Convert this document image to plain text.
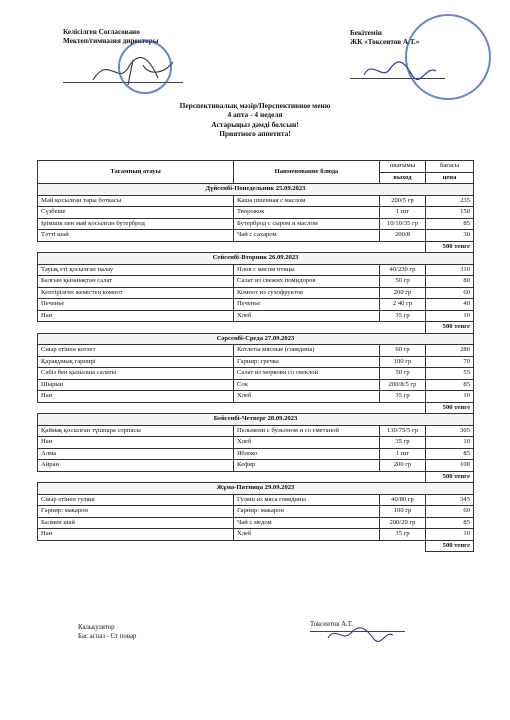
Келісілген Согласовано
Мектеп/гимназия директоры
Бекітемін
ЖК «Токсеитов А.Т.»
Перспективалық мәзір/Перспективное меню
4 апта - 4 неделя
Астарыңыз дәмді болсын!
Приятного аппетита!
Тағамның атауы	Наименование блюда	шығымы	бағасы
		выход	цена
Дүйсенбі-Понедельник 25.09.2023			
Май қосылған тары боткасы	Каша пшенная с маслом	200/5 гр	235
Сүзбеше	Творожок	1 шт	150
Ірімшік пен май қосылған бутерброд	Бутерброд с сыром и маслом	10/10/35 гр	85
Тәтті шай	Чай с сахаром	200/8	30
			500 тенге
Сейсенбі-Вторник 26.09.2023			
Тауық еті қосылған палау	Плов с мясом птицы	40/230 гр	310
Балғын қызанақтан салат	Салат из свежих помидоров	50 гр	80
Кептірілген жемістен компот	Компот из сухофруктов	200 гр	60
Печенье	Печенье	2 40 гр	40
Нан	Хлеб	35 гр	10
			500 тенге
Сәрсенбі-Среда 27.09.2023			
Сиыр етінен котлет	Котлеты мясные (говядина)	60 гр	280
Қарақұмық гарнирі	Гарнир: гречка	100 гр	70
Сәбіз бен қызылша салаты	Салат из моркови со свеклой	50 гр	55
Шырын	Сок	200/8/5 гр	85
Нан	Хлеб	35 гр	10
			500 тенге
Бейсенбі-Четверг 28.09.2023			
Қаймақ қосылған түшпара сорпасы	Пельмени с бульоном и со сметаной	130/75/5 гр	305
Нан	Хлеб	35 гр	10
Алма	Яблоко	1 шт	85
Айран	Кефир	200 гр	100
			500 тенге
Жұма-Пятница 29.09.2023			
Сиыр етінен гуляш	Гуляш из мяса говядины	40/80 гр	345
Гарнир: макарон	Гарнир: макарон	100 гр	60
Балмен шай	Чай с медом	200/20 гр	85
Нан	Хлеб	35 гр	10
			500 тенге
Калькулятор
Бас аспаз - Ст повар
Токсеитов А.Т.
